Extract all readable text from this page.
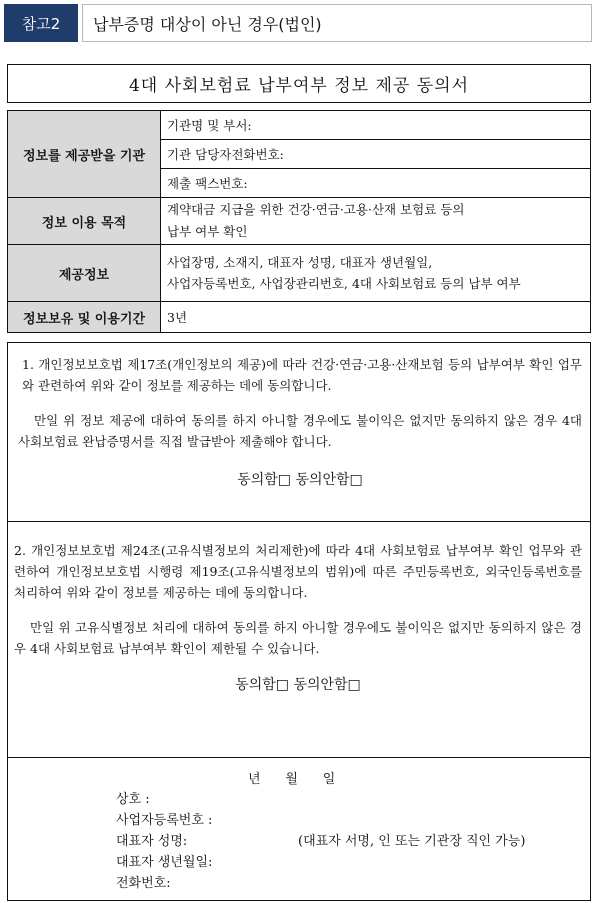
참고2	납부증명 대상이 아닌 경우(법인)
4대 사회보험료 납부여부 정보 제공 동의서
정보를 제공받을 기관	기관명 및 부서:

기관 담당자전화번호:

제출 팩스번호:

정보 이용 목적	계약대금 지급을 위한 건강·연금·고용·산재 보험료 등의
납부 여부 확인

제공정보	사업장명, 소재지, 대표자 성명, 대표자 생년월일,
사업자등록번호, 사업장관리번호, 4대 사회보험료 등의 납부 여부

정보보유 및 이용기간	3년

1. 개인정보보호법 제17조(개인정보의 제공)에 따라 건강·연금·고용·산재보험 등의 납부여부 확인 업무와 관련하여 위와 같이 정보를 제공하는 데에 동의합니다.

만일 위 정보 제공에 대하여 동의를 하지 아니할 경우에도 불이익은 없지만 동의하지 않은 경우 4대 사회보험료 완납증명서를 직접 발급받아 제출해야 합니다.

동의함□ 동의안함□

2. 개인정보보호법 제24조(고유식별정보의 처리제한)에 따라 4대 사회보험료 납부여부 확인 업무와 관련하여 개인정보보호법 시행령 제19조(고유식별정보의 범위)에 따른 주민등록번호, 외국인등록번호를 처리하여 위와 같이 정보를 제공하는 데에 동의합니다.

만일 위 고유식별정보 처리에 대하여 동의를 하지 아니할 경우에도 불이익은 없지만 동의하지 않은 경우 4대 사회보험료 납부여부 확인이 제한될 수 있습니다.

동의함□ 동의안함□
년      월      일
상호 :
사업자등록번호 :
대표자 성명:	(대표자 서명, 인 또는 기관장 직인 가능)
대표자 생년월일:
전화번호:
